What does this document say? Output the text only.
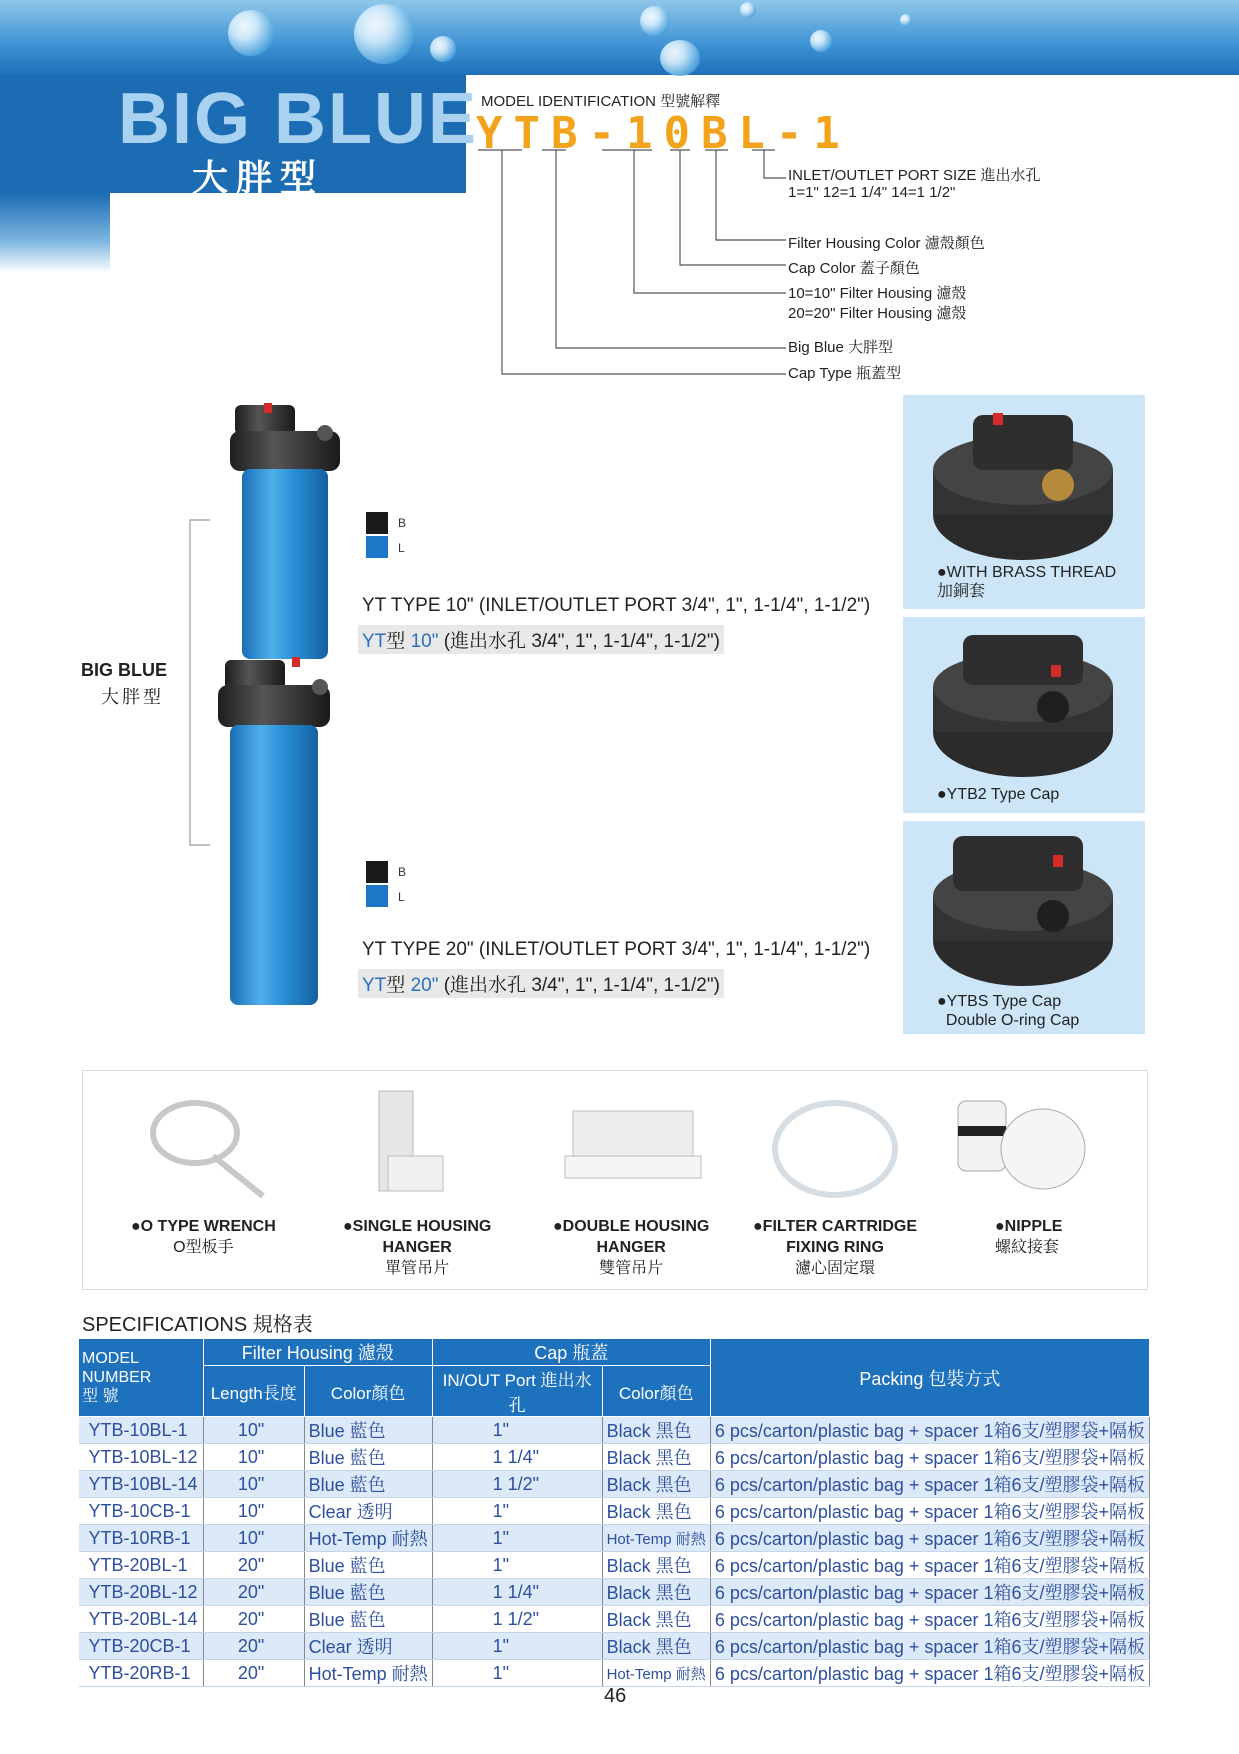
BIG BLUE
大胖型
MODEL IDENTIFICATION 型號解釋
YTB-10BL-1
INLET/OUTLET PORT SIZE 進出水孔
1=1" 12=1 1/4" 14=1 1/2"
Filter Housing Color 濾殼顏色
Cap Color 蓋子顏色
10=10" Filter Housing 濾殼
20=20" Filter Housing 濾殼
Big Blue 大胖型
Cap Type 瓶蓋型
BIG BLUE
大胖型
B
L
B
L
YT TYPE 10" (INLET/OUTLET PORT 3/4", 1", 1-1/4", 1-1/2")
YT型 10" (進出水孔 3/4", 1", 1-1/4", 1-1/2")
YT TYPE 20" (INLET/OUTLET PORT 3/4", 1", 1-1/4", 1-1/2")
YT型 20" (進出水孔 3/4", 1", 1-1/4", 1-1/2")
●WITH BRASS THREAD
加銅套
●YTB2 Type Cap
●YTBS Type Cap
Double O-ring Cap
●O TYPE WRENCH
O型板手
●SINGLE HOUSING
HANGER
單管吊片
●DOUBLE HOUSING
HANGER
雙管吊片
●FILTER CARTRIDGE
FIXING RING
濾心固定環
●NIPPLE
螺紋接套
SPECIFICATIONS 規格表
MODEL NUMBER
型 號	Filter Housing 濾殼		Cap 瓶蓋		Packing 包裝方式
	Length長度	Color顏色	IN/OUT Port 進出水孔	Color顏色	
YTB-10BL-1	10"	Blue 藍色	1"	Black 黑色	6 pcs/carton/plastic bag + spacer 1箱6支/塑膠袋+隔板
YTB-10BL-12	10"	Blue 藍色	1 1/4"	Black 黑色	6 pcs/carton/plastic bag + spacer 1箱6支/塑膠袋+隔板
YTB-10BL-14	10"	Blue 藍色	1 1/2"	Black 黑色	6 pcs/carton/plastic bag + spacer 1箱6支/塑膠袋+隔板
YTB-10CB-1	10"	Clear 透明	1"	Black 黑色	6 pcs/carton/plastic bag + spacer 1箱6支/塑膠袋+隔板
YTB-10RB-1	10"	Hot-Temp 耐熱	1"	Hot-Temp 耐熱	6 pcs/carton/plastic bag + spacer 1箱6支/塑膠袋+隔板
YTB-20BL-1	20"	Blue 藍色	1"	Black 黑色	6 pcs/carton/plastic bag + spacer 1箱6支/塑膠袋+隔板
YTB-20BL-12	20"	Blue 藍色	1 1/4"	Black 黑色	6 pcs/carton/plastic bag + spacer 1箱6支/塑膠袋+隔板
YTB-20BL-14	20"	Blue 藍色	1 1/2"	Black 黑色	6 pcs/carton/plastic bag + spacer 1箱6支/塑膠袋+隔板
YTB-20CB-1	20"	Clear 透明	1"	Black 黑色	6 pcs/carton/plastic bag + spacer 1箱6支/塑膠袋+隔板
YTB-20RB-1	20"	Hot-Temp 耐熱	1"	Hot-Temp 耐熱	6 pcs/carton/plastic bag + spacer 1箱6支/塑膠袋+隔板
46
